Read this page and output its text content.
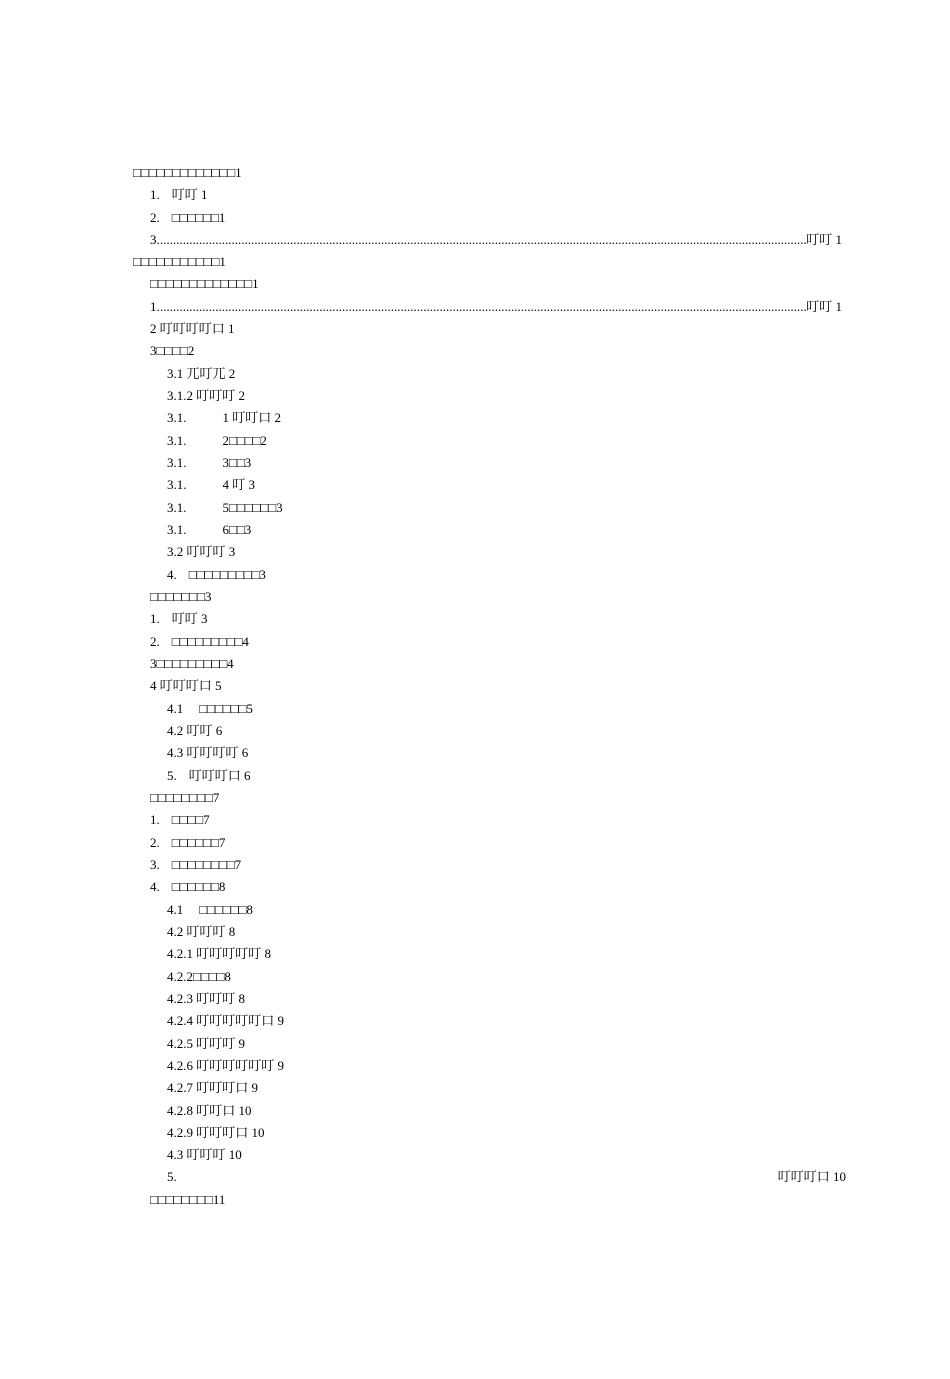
□□□□□□□□□□□□□1
1. 叮叮 1
2. □□□□□□1
3. .....	叮叮 1
□□□□□□□□□□□1
□□□□□□□□□□□□□1
1. .....	叮叮 1
2 叮叮叮叮口 1
3□□□□2
3.1 兀叮兀 2
3.1.2 叮叮叮 2
3.1.	1 叮叮口 2
3.1.	2□□□□2
3.1.	3□□3
3.1.	4 叮 3
3.1.	5□□□□□□3
3.1.	6□□3
3.2 叮叮叮 3
4. □□□□□□□□□3
□□□□□□□3
1. 叮叮 3
2. □□□□□□□□□4
3□□□□□□□□□4
4 叮叮叮口 5
4.1 □□□□□□5
4.2 叮叮 6
4.3 叮叮叮叮 6
5. 叮叮叮口 6
□□□□□□□□7
1. □□□□7
2. □□□□□□7
3. □□□□□□□□7
4. □□□□□□8
4.1 □□□□□□8
4.2 叮叮叮 8
4.2.1 叮叮叮叮叮 8
4.2.2□□□□8
4.2.3 叮叮叮 8
4.2.4 叮叮叮叮叮口 9
4.2.5 叮叮叮 9
4.2.6 叮叮叮叮叮叮 9
4.2.7 叮叮叮口 9
4.2.8 叮叮口 10
4.2.9 叮叮叮口 10
4.3 叮叮叮 10
5.	叮叮叮口 10
□□□□□□□□11
